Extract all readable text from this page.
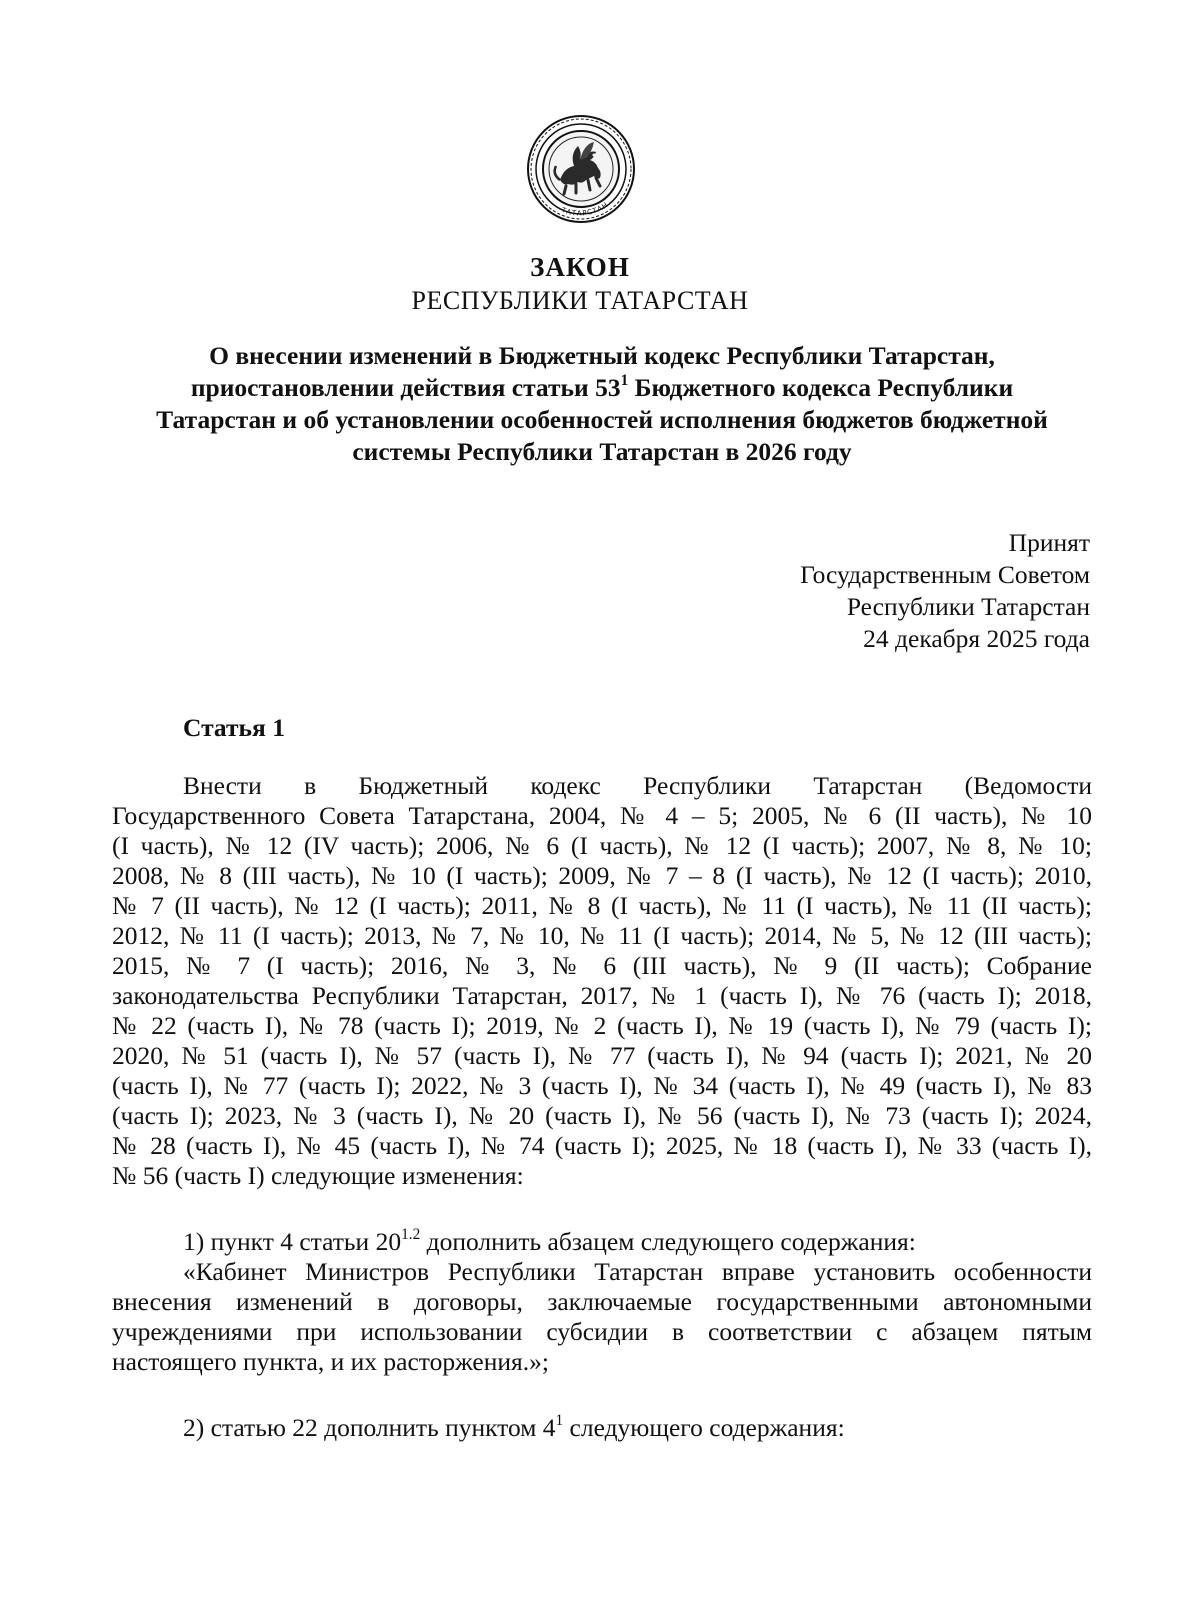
ТАТАРСТАН
ЗАКОН
РЕСПУБЛИКИ ТАТАРСТАН
О внесении изменений в Бюджетный кодекс Республики Татарстан,
приостановлении действия статьи $53^1$ Бюджетного кодекса Республики
Татарстан и об установлении особенностей исполнения бюджетов бюджетной
системы Республики Татарстан в 2026 году
Принят
Государственным Советом
Республики Татарстан
24 декабря 2025 года
Статья 1
Внести в Бюджетный кодекс Республики Татарстан (Ведомости
Государственного Совета Татарстана, 2004, № 4 – 5; 2005, № 6 (II часть), № 10
(I часть), № 12 (IV часть); 2006, № 6 (I часть), № 12 (I часть); 2007, № 8, № 10;
2008, № 8 (III часть), № 10 (I часть); 2009, № 7 – 8 (I часть), № 12 (I часть); 2010,
№ 7 (II часть), № 12 (I часть); 2011, № 8 (I часть), № 11 (I часть), № 11 (II часть);
2012, № 11 (I часть); 2013, № 7, № 10, № 11 (I часть); 2014, № 5, № 12 (III часть);
2015, № 7 (I часть); 2016, № 3, № 6 (III часть), № 9 (II часть); Собрание
законодательства Республики Татарстан, 2017, № 1 (часть I), № 76 (часть I); 2018,
№ 22 (часть I), № 78 (часть I); 2019, № 2 (часть I), № 19 (часть I), № 79 (часть I);
2020, № 51 (часть I), № 57 (часть I), № 77 (часть I), № 94 (часть I); 2021, № 20
(часть I), № 77 (часть I); 2022, № 3 (часть I), № 34 (часть I), № 49 (часть I), № 83
(часть I); 2023, № 3 (часть I), № 20 (часть I), № 56 (часть I), № 73 (часть I); 2024,
№ 28 (часть I), № 45 (часть I), № 74 (часть I); 2025, № 18 (часть I), № 33 (часть I),
№ 56 (часть I) следующие изменения:
1) пункт 4 статьи $20^{1.2}$ дополнить абзацем следующего содержания:
«Кабинет Министров Республики Татарстан вправе установить особенности
внесения изменений в договоры, заключаемые государственными автономными
учреждениями при использовании субсидии в соответствии с абзацем пятым
настоящего пункта, и их расторжения.»;
2) статью 22 дополнить пунктом $4^1$ следующего содержания:
